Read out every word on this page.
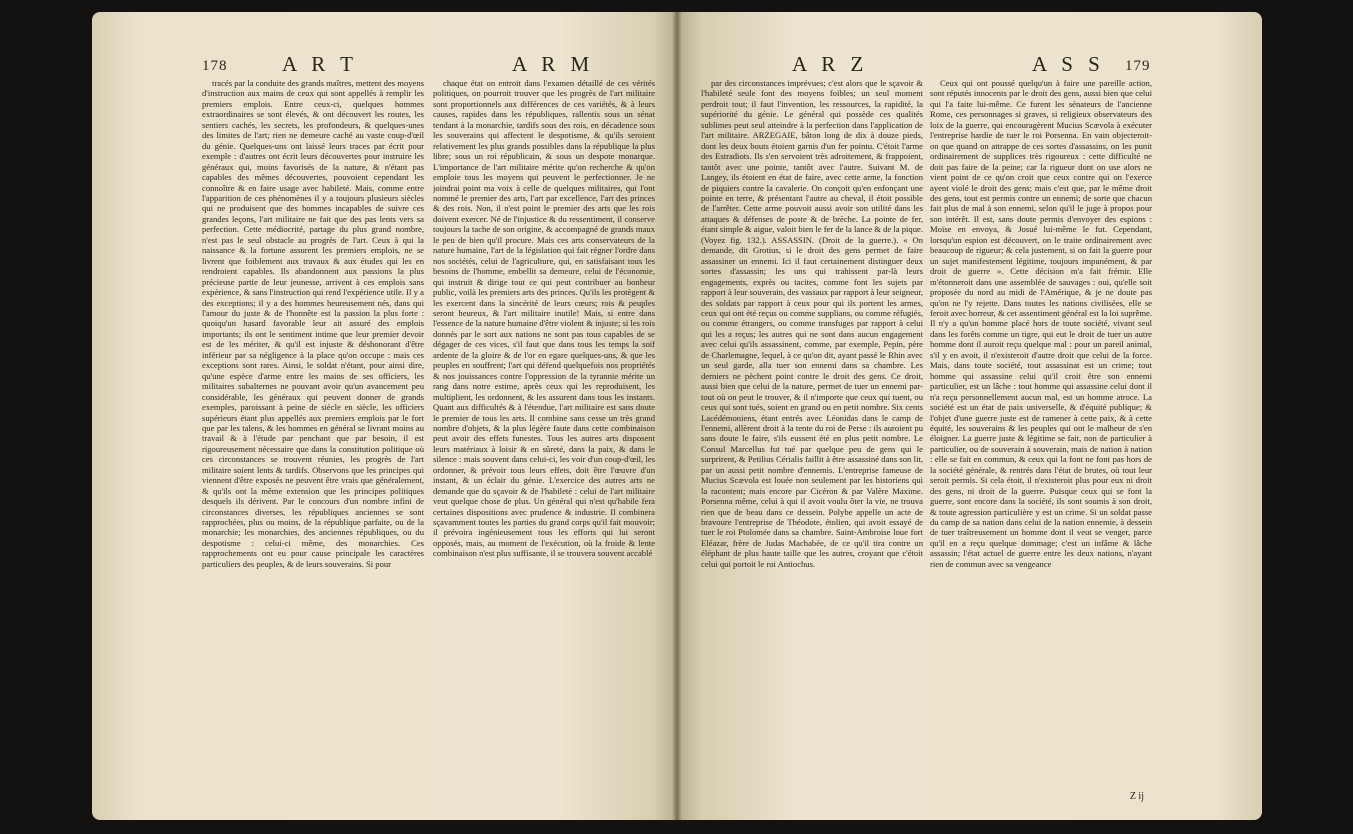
178	A R T	A R M

tracés par la conduite des grands maîtres, mettent des moyens d'instruction aux mains de ceux qui sont appellés à remplir les premiers emplois. Entre ceux-ci, quelques hommes extraordinaires se sont élevés, & ont découvert les routes, les sentiers cachés, les secrets, les profondeurs, & quelques-unes des limites de l'art; rien ne demeure caché au vaste coup-d'œil du génie. Quelques-uns ont laissé leurs traces par écrit pour exemple : d'autres ont écrit leurs découvertes pour instruire les généraux qui, moins favorisés de la nature, & n'étant pas capables des mêmes découvertes, pouvoient cependant les connoître & en faire usage avec habileté. Mais, comme entre l'apparition de ces phénomènes il y a toujours plusieurs siècles qui ne produisent que des hommes incapables de suivre ces grandes leçons, l'art militaire ne fait que des pas lents vers sa perfection. Cette médiocrité, partage du plus grand nombre, n'est pas le seul obstacle au progrès de l'art. Ceux à qui la naissance & la fortune assurent les premiers emplois, ne se livrent que foiblement aux travaux & aux études qui les en rendroient capables. Ils abandonnent aux passions la plus précieuse partie de leur jeunesse, arrivent à ces emplois sans expérience, & sans l'instruction qui rend l'expérience utile. Il y a des exceptions; il y a des hommes heureusement nés, dans qui l'amour du juste & de l'honnête est la passion la plus forte : quoiqu'un hasard favorable leur ait assuré des emplois importants; ils ont le sentiment intime que leur premier devoir est de les mériter, & qu'il est injuste & déshonorant d'être inférieur par sa négligence à la place qu'on occupe : mais ces exceptions sont rares. Ainsi, le soldat n'étant, pour ainsi dire, qu'une espèce d'arme entre les mains de ses officiers, les militaires subalternes ne pouvant avoir qu'un avancement peu considérable, les généraux qui peuvent donner de grands exemples, paroissant à peine de siècle en siècle, les officiers supérieurs étant plus appellés aux premiers emplois par le fort que par les talens, & les hommes en général se livrant moins au travail & à l'étude par penchant que par besoin, il est rigoureusement nécessaire que dans la constitution politique où ces circonstances se trouvent réunies, les progrès de l'art militaire soient lents & tardifs. Observons que les principes qui viennent d'être exposés ne peuvent être vrais que généralement, & qu'ils ont la même extension que les principes politiques desquels ils dérivent. Par le concours d'un nombre infini de circonstances diverses, les républiques anciennes se sont rapprochées, plus ou moins, de la république parfaite, ou de la monarchie; les monarchies, des anciennes républiques, ou du despotisme : celui-ci même, des monarchies. Ces rapprochements ont eu pour cause principale les caractères particuliers des peuples, & de leurs souverains. Si pour

chaque état on entroit dans l'examen détaillé de ces vérités politiques, on pourroit trouver que les progrès de l'art militaire sont proportionnels aux différences de ces variétés, & à leurs causes, rapides dans les républiques, rallentis sous un sénat tendant à la monarchie, tardifs sous des rois, en décadence sous les souverains qui affectent le despotisme, & qu'ils seroient relativement les plus grands possibles dans la république la plus libre; sous un roi républicain, & sous un despote monarque. L'importance de l'art militaire mérite qu'on recherche & qu'on emploie tous les moyens qui peuvent le perfectionner. Je ne joindrai point ma voix à celle de quelques militaires, qui l'ont nommé le premier des arts, l'art par excellence, l'art des princes & des rois. Non, il n'est point le premier des arts que les rois doivent exercer. Né de l'injustice & du ressentiment, il conserve toujours la tache de son origine, & accompagné de grands maux le peu de bien qu'il procure. Mais ces arts conservateurs de la nature humaine, l'art de la législation qui fait régner l'ordre dans nos sociétés, celui de l'agriculture, qui, en satisfaisant tous les besoins de l'homme, embellit sa demeure, celui de l'économie, qui instruit & dirige tout ce qui peut contribuer au bonheur public, voilà les premiers arts des princes. Qu'ils les protègent & les exercent dans la sincérité de leurs cœurs; rois & peuples seront heureux, & l'art militaire inutile! Mais, si entre dans l'essence de la nature humaine d'être violent & injuste; si les rois donnés par le sort aux nations ne sont pas tous capables de se dégager de ces vices, s'il faut que dans tous les temps la soif ardente de la gloire & de l'or en egare quelques-uns, & que les peuples en souffrent; l'art qui défend quelquefois nos propriétés & nos jouissances contre l'oppression de la tyrannie mérite un rang dans notre estime, après ceux qui les reproduisent, les multiplient, les ordonnent, & les assurent dans tous les instants. Quant aux difficultés & à l'étendue, l'art militaire est sans doute le premier de tous les arts. Il combine sans cesse un très grand nombre d'objets, & la plus légère faute dans cette combinaison peut avoir des effets funestes. Tous les autres arts disposent leurs matériaux à loisir & en sûreté, dans la paix, & dans le silence : mais souvent dans celui-ci, les voir d'un coup-d'œil, les ordonner, & prévoir tous leurs effets, doit être l'œuvre d'un instant, & un éclair du génie. L'exercice des autres arts ne demande que du sçavoir & de l'habileté : celui de l'art militaire veut quelque chose de plus. Un général qui n'est qu'habile fera certaines dispositions avec prudence & industrie. Il combinera sçavamment toutes les parties du grand corps qu'il fait mouvoir; il prévoira ingénieusement tous les efforts qui lui seront opposés, mais, au moment de l'exécution, où la froide & lente combinaison n'est plus suffisante, il se trouvera souvent accablé

A R Z	A S S 179

par des circonstances imprévues; c'est alors que le sçavoir & l'habileté seule font des moyens foibles; un seul moment perdroit tout; il faut l'invention, les ressources, la rapidité, la supériorité du génie. Le général qui possède ces qualités sublimes peut seul atteindre à la perfection dans l'application de l'art militaire. ARZEGAIE, bâton long de dix à douze pieds, dont les deux bouts étoient garnis d'un fer pointu. C'étoit l'arme des Estradiots. Ils s'en servoient très adroitement, & frappoient, tantôt avec une pointe, tantôt avec l'autre. Suivant M. de Langey, ils étoient en état de faire, avec cette arme, la fonction de piquiers contre la cavalerie. On conçoit qu'en enfonçant une pointe en terre, & présentant l'autre au cheval, il étoit possible de l'arrêter. Cette arme pouvoit aussi avoir son utilité dans les attaques & défenses de poste & de brèche. La pointe de fer, étant simple & aigue, valoit bien le fer de la lance & de la pique. (Voyez fig. 132.). ASSASSIN. (Droit de la guerre.). « On demande, dit Grotius, si le droit des gens permet de faire assassiner un ennemi. Ici il faut certainement distinguer deux sortes d'assassin; les uns qui trahissent par-là leurs engagements, exprès ou tacites, comme font les sujets par rapport à leur souverain, des vassaux par rapport à leur seigneur, des soldats par rapport à ceux pour qui ils portent les armes, ceux qui ont été reçus ou comme supplians, ou comme réfugiés, ou comme étrangers, ou comme transfuges par rapport à celui qui les a reçus; les autres qui ne sont dans aucun engagement avec celui qu'ils assassinent, comme, par exemple, Pepin, père de Charlemagne, lequel, à ce qu'on dit, ayant passé le Rhin avec un seul garde, alla tuer son ennemi dans sa chambre. Les derniers ne pèchent point contre le droit des gens. Ce droit, aussi bien que celui de la nature, permet de tuer un ennemi par-tout où on peut le trouver, & il n'importe que ceux qui tuent, ou ceux qui sont tués, soient en grand ou en petit nombre. Six cents Lacédémoniens, étant entrés avec Léonidas dans le camp de l'ennemi, allèrent droit à la tente du roi de Perse : ils auroient pu sans doute le faire, s'ils eussent été en plus petit nombre. Le Consul Marcellus fut tué par quelque peu de gens qui le surprirent, & Petilius Cérialis faillit à être assassiné dans son lit, par un aussi petit nombre d'ennemis. L'entreprise fameuse de Mucius Scævola est louée non seulement par les historiens qui la racontent; mais encore par Cicéron & par Valère Maxime. Porsenna même, celui à qui il avoit voulu ôter la vie, ne trouva rien que de beau dans ce dessein. Polybe appelle un acte de bravoure l'entreprise de Théodote, étolien, qui avoit essayé de tuer le roi Ptolomée dans sa chambre. Saint-Ambroise loue fort Eléazar, frère de Judas Machabée, de ce qu'il tira contre un éléphant de plus haute taille que les autres, croyant que c'étoit celui qui portoit le roi Antiochus.

Ceux qui ont poussé quelqu'un à faire une pareille action, sont réputés innocents par le droit des gens, aussi bien que celui qui l'a faite lui-même. Ce furent les sénateurs de l'ancienne Rome, ces personnages si graves, si religieux observateurs des loix de la guerre, qui encouragèrent Mucius Scævola à exécuter l'entreprise hardie de tuer le roi Porsenna. En vain objecteroit-on que quand on attrappe de ces sortes d'assassins, on les punit ordinairement de supplices très rigoureux : cette difficulté ne doit pas faire de la peine; car la rigueur dont on use alors ne vient point de ce qu'on croit que ceux contre qui on l'exerce ayent violé le droit des gens; mais c'est que, par le même droit des gens, tout est permis contre un ennemi; de sorte que chacun fait plus de mal à son ennemi, selon qu'il le juge à propos pour son intérêt. Il est, sans doute permis d'envoyer des espions : Moïse en envoya, & Josué lui-même le fut. Cependant, lorsqu'un espion est découvert, on le traite ordinairement avec beaucoup de rigueur; & cela justement, si on fait la guerre pour un sujet manifestement légitime, toujours impunément, & par droit de guerre ». Cette décision m'a fait frémir. Elle m'étonneroit dans une assemblée de sauvages : oui, qu'elle soit proposée du nord au midi de l'Amérique, & je ne doute pas qu'on ne l'y rejette. Dans toutes les nations civilisées, elle se feroit avec horreur, & cet assentiment général est la loi suprême. Il n'y a qu'un homme placé hors de toute société, vivant seul dans les forêts comme un tigre, qui eut le droit de tuer un autre homme dont il auroit reçu quelque mal : pour un pareil animal, s'il y en avoit, il n'existeroit d'autre droit que celui de la force. Mais, dans toute société, tout assassinat est un crime; tout homme qui assassine celui qu'il croit être son ennemi particulier, est un lâche : tout homme qui assassine celui dont il n'a reçu personnellement aucun mal, est un homme atroce. La société est un état de paix universelle, & d'équité publique; & l'objet d'une guerre juste est de ramener à cette paix, & à cette équité, les souverains & les peuples qui ont le malheur de s'en éloigner. La guerre juste & légitime se fait, non de particulier à particulier, ou de souverain à souverain, mais de nation à nation : elle se fait en commun, & ceux qui la font ne font pas hors de la société générale, & rentrés dans l'état de brutes, où tout leur seroit permis. Si cela étoit, il n'existeroit plus pour eux ni droit des gens, ni droit de la guerre. Puisque ceux qui se font la guerre, sont encore dans la société, ils sont soumis à son droit, & toute agression particulière y est un crime. Si un soldat passe du camp de sa nation dans celui de la nation ennemie, à dessein de tuer traîtreusement un homme dont il veut se venger, parce qu'il en a reçu quelque dommage; c'est un infâme & lâche assassin; l'état actuel de guerre entre les deux nations, n'ayant rien de commun avec sa vengeance

Z ij
